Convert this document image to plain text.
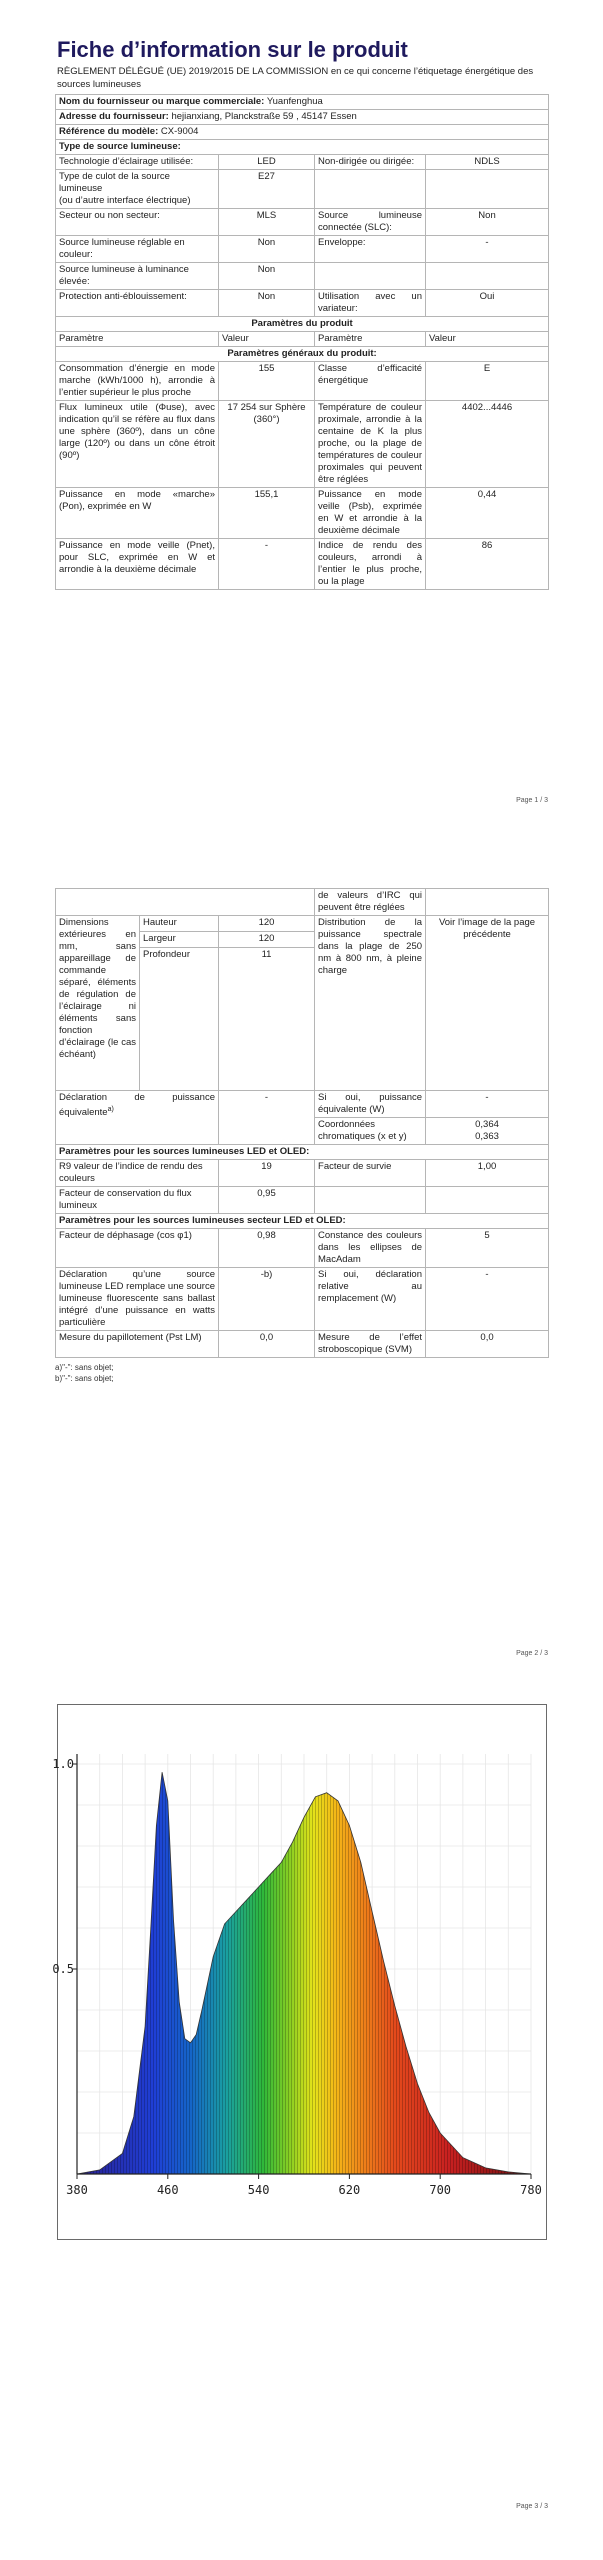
Fiche d’information sur le produit
RÈGLEMENT DÉLÉGUÉ (UE) 2019/2015 DE LA COMMISSION en ce qui concerne l’étiquetage énergétique des sources lumineuses
Nom du fournisseur ou marque commerciale: Yuanfenghua			
Adresse du fournisseur: hejianxiang, Planckstraße 59 , 45147 Essen			
Référence du modèle: CX-9004			
Type de source lumineuse:			
Technologie d’éclairage utilisée:	LED	Non-dirigée ou dirigée:	NDLS
Type de culot de la source lumineuse
(ou d’autre interface électrique)	E27		
Secteur ou non secteur:	MLS	Source lumineuse connectée (SLC):	Non
Source lumineuse réglable en couleur:	Non	Enveloppe:	-
Source lumineuse à luminance élevée:	Non		
Protection anti-éblouissement:	Non	Utilisation avec un variateur:	Oui
Paramètres du produit			
Paramètre	Valeur	Paramètre	Valeur
Paramètres généraux du produit:			
Consommation d’énergie en mode marche (kWh/1000 h), arrondie à l’entier supérieur le plus proche	155	Classe d’efficacité énergétique	E
Flux lumineux utile (Φuse), avec indication qu’il se réfère au flux dans une sphère (360º), dans un cône large (120º) ou dans un cône étroit (90º)	17 254 sur Sphère (360°)	Température de couleur proximale, arrondie à la centaine de K la plus proche, ou la plage de températures de couleur proximales qui peuvent être réglées	4402...4446
Puissance en mode «marche» (Pon), exprimée en W	155,1	Puissance en mode veille (Psb), exprimée en W et arrondie à la deuxième décimale	0,44
Puissance en mode veille (Pnet), pour SLC, exprimée en W et arrondie à la deuxième décimale	-	Indice de rendu des couleurs, arrondi à l’entier le plus proche, ou la plage	86
Page 1 / 3
			de valeurs d’IRC qui peuvent être réglées	
Dimensions extérieures en mm, sans appareillage de commande séparé, éléments de régulation de l’éclairage ni éléments sans fonction d’éclairage (le cas échéant)	Hauteur	120	Distribution de la puissance spectrale dans la plage de 250 nm à 800 nm, à pleine charge	Voir l’image de la page précédente
	Largeur	120		
	Profondeur	11		
Déclaration de puissance équivalente$^{a)}$		-	Si oui, puissance équivalente (W)	-
			Coordonnées chromatiques (x et y)	0,364
0,363
Paramètres pour les sources lumineuses LED et OLED:				
R9 valeur de l’indice de rendu des couleurs		19	Facteur de survie	1,00
Facteur de conservation du flux lumineux		0,95		
Paramètres pour les sources lumineuses secteur LED et OLED:				
Facteur de déphasage (cos φ1)		0,98	Constance des couleurs dans les ellipses de MacAdam	5
Déclaration qu’une source lumineuse LED remplace une source lumineuse fluorescente sans ballast intégré d’une puissance en watts particulière		-b)	Si oui, déclaration relative au remplacement (W)	-
Mesure du papillotement (Pst LM)		0,0	Mesure de l’effet stroboscopique (SVM)	0,0
a)"-": sans objet;
b)"-": sans objet;
Page 2 / 3
380	460	540	620	700	780
0.5
1.0
Page 3 / 3
